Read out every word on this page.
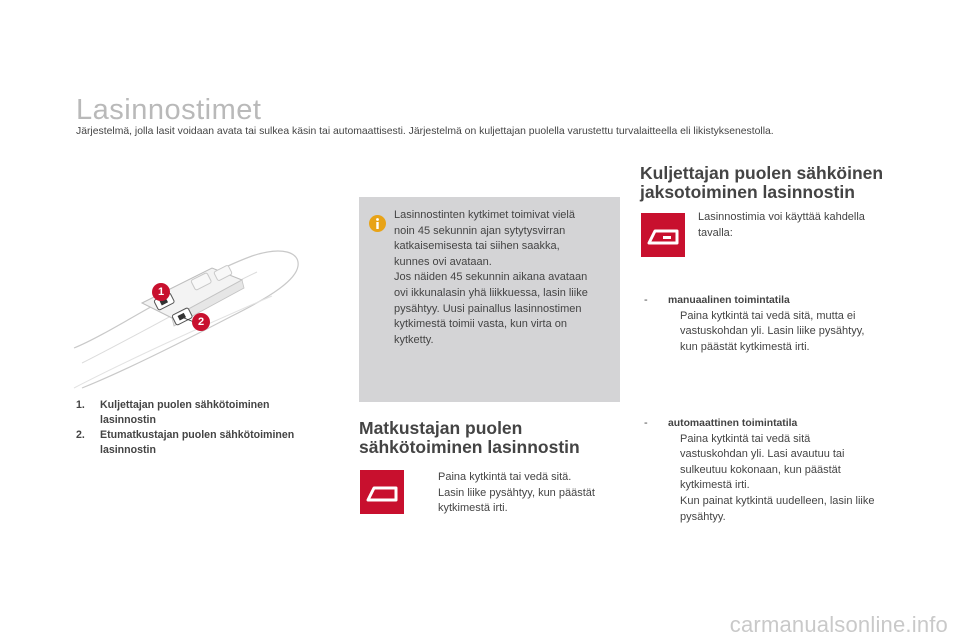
Lasinnostimet
Järjestelmä, jolla lasit voidaan avata tai sulkea käsin tai automaattisesti. Järjestelmä on kuljettajan puolella varustettu turvalaitteella eli likistyksenestolla.
1
2
1. Kuljettajan puolen sähkötoiminen
lasinnostin
2. Etumatkustajan puolen sähkötoiminen
lasinnostin
Lasinnostinten kytkimet toimivat vielä
noin 45 sekunnin ajan sytytysvirran
katkaisemisesta tai siihen saakka,
kunnes ovi avataan.
Jos näiden 45 sekunnin aikana avataan
ovi ikkunalasin yhä liikkuessa, lasin liike
pysähtyy. Uusi painallus lasinnostimen
kytkimestä toimii vasta, kun virta on
kytketty.
Matkustajan puolen
sähkötoiminen lasinnostin
Paina kytkintä tai vedä sitä.
Lasin liike pysähtyy, kun päästät
kytkimestä irti.
Kuljettajan puolen sähköinen
jaksotoiminen lasinnostin
Lasinnostimia voi käyttää kahdella
tavalla:
- manuaalinen toimintatila
Paina kytkintä tai vedä sitä, mutta ei
vastuskohdan yli. Lasin liike pysähtyy,
kun päästät kytkimestä irti.
- automaattinen toimintatila
Paina kytkintä tai vedä sitä
vastuskohdan yli. Lasi avautuu tai
sulkeutuu kokonaan, kun päästät
kytkimestä irti.
Kun painat kytkintä uudelleen, lasin liike
pysähtyy.
carmanualsonline.info
